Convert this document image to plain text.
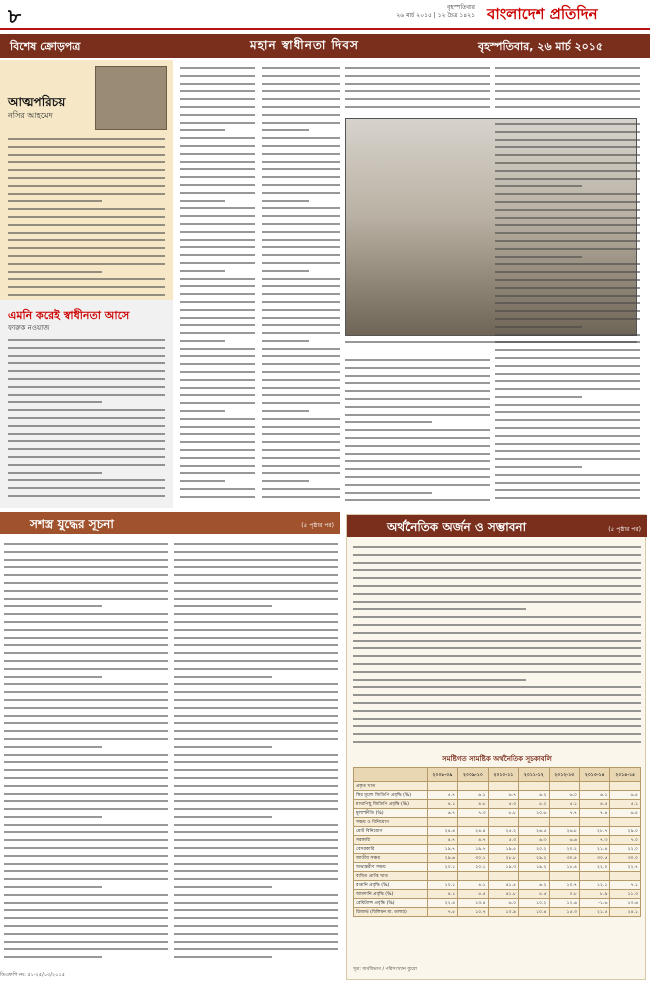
৮	বৃহস্পতিবার
২৬ মার্চ ২০১৫ | ১২ চৈত্র ১৪২১ বাংলাদেশ প্রতিদিন
বিশেষ ক্রোড়পত্র	মহান স্বাধীনতা দিবস	বৃহস্পতিবার, ২৬ মার্চ ২০১৫
আত্মপরিচয়
নসির আহমেদ
এমনি করেই স্বাধীনতা আসে
ফারুক নওয়াজ
সশস্ত্র যুদ্ধের সূচনা	(৫ পৃষ্ঠার পর)	অর্থনৈতিক অর্জন ও সম্ভাবনা	(৫ পৃষ্ঠার পর)
সমষ্টিগত সামষ্টিক অর্থনৈতিক সূচকাবলি
	২০০৮-০৯	২০০৯-১০	২০১০-১১	২০১১-১২	২০১২-১৩	২০১৩-১৪	২০১৪-১৫
প্রকৃত খাত							
স্থির মূল্যে জিডিপি প্রবৃদ্ধি (%)	৫.৭	৬.১	৬.৭	৬.২	৬.০	৬.১	৬.৫
মাথাপিছু জিডিপি প্রবৃদ্ধি (%)	৪.১	৪.৮	৫.৩	৫.২	৫.১	৪.৫	৫.১
মূল্যস্ফীতি (%)	৬.৭	৭.৩	৮.৮	১০.৬	৭.৭	৭.৪	৬.৫
সঞ্চয় ও বিনিয়োগ							
মোট বিনিয়োগ	২৪.৪	২৪.৪	২৫.২	২৬.৫	২৬.৮	২৮.৭	২৯.০
সরকারি	৪.৭	৪.৭	৫.৩	৬.৩	৬.৬	৭.৩	৭.০
বেসরকারি	১৯.৭	১৯.৭	১৯.৫	২০.২	২০.২	২১.৪	২২.০
জাতীয় সঞ্চয়	২৯.৬	৩০.১	২৮.৮	২৯.২	৩০.৫	৩০.৫	৩০.০
অভ্যন্তরীণ সঞ্চয়	২০.১	২০.১	১৯.৩	১৯.২	১৮.৪	২২.০	২২.৭
ব্যয়িত প্রাপ্তি খাত							
রপ্তানি প্রবৃদ্ধি (%)	১০.১	৪.১	৪১.৫	৬.২	১০.৭	১২.১	৭.১
আমদানি প্রবৃদ্ধি (%)	৪.১	৫.৫	৪১.৮	৫.৫	০.৮	৮.৯	১১.৩
রেমিট্যান্স প্রবৃদ্ধি (%)	২২.৪	১৩.৪	৬.০	১০.২	১২.৬	-১.৬	১৩.৬
রিজার্ভ (বিলিয়ন মা. ডলার)	৭.৫	১০.৭	১০.৯	১০.৪	১৫.৩	২১.৫	২৪.১
সূত্র: অর্থবিভাগ / পরিসংখ্যান ব্যুরো
ডিএফপি নং: ৫১-২৫/০৩/২০১৫
